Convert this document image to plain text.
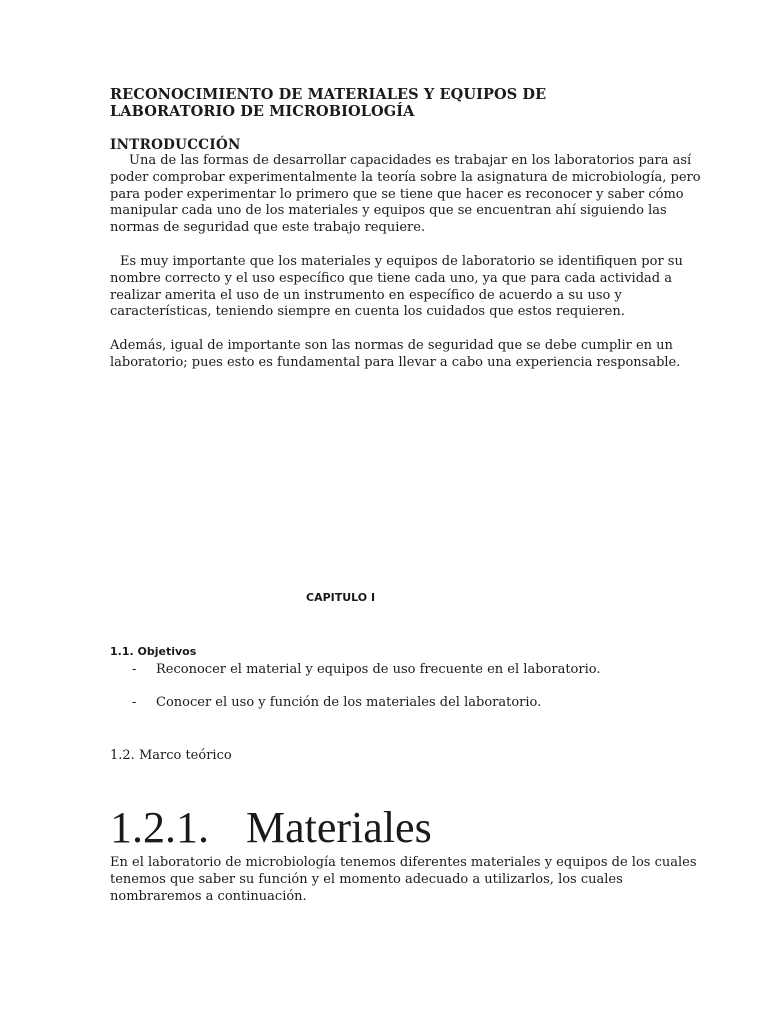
RECONOCIMIENTO DE MATERIALES Y EQUIPOS DE
LABORATORIO DE MICROBIOLOGÍA
INTRODUCCIÓN
Una de las formas de desarrollar capacidades es trabajar en los laboratorios para así
poder comprobar experimentalmente la teoría sobre la asignatura de microbiología, pero
para poder experimentar lo primero que se tiene que hacer es reconocer y saber cómo
manipular cada uno de los materiales y equipos que se encuentran ahí siguiendo las
normas de seguridad que este trabajo requiere.
Es muy importante que los materiales y equipos de laboratorio se identifiquen por su
nombre correcto y el uso específico que tiene cada uno, ya que para cada actividad a
realizar amerita el uso de un instrumento en específico de acuerdo a su uso y
características, teniendo siempre en cuenta los cuidados que estos requieren.
Además, igual de importante son las normas de seguridad que se debe cumplir en un
laboratorio; pues esto es fundamental para llevar a cabo una experiencia responsable.
CAPITULO I
1.1. Objetivos
- Reconocer el material y equipos de uso frecuente en el laboratorio.
- Conocer el uso y función de los materiales del laboratorio.
1.2. Marco teórico
1.2.1. Materiales
En el laboratorio de microbiología tenemos diferentes materiales y equipos de los cuales
tenemos que saber su función y el momento adecuado a utilizarlos, los cuales
nombraremos a continuación.
